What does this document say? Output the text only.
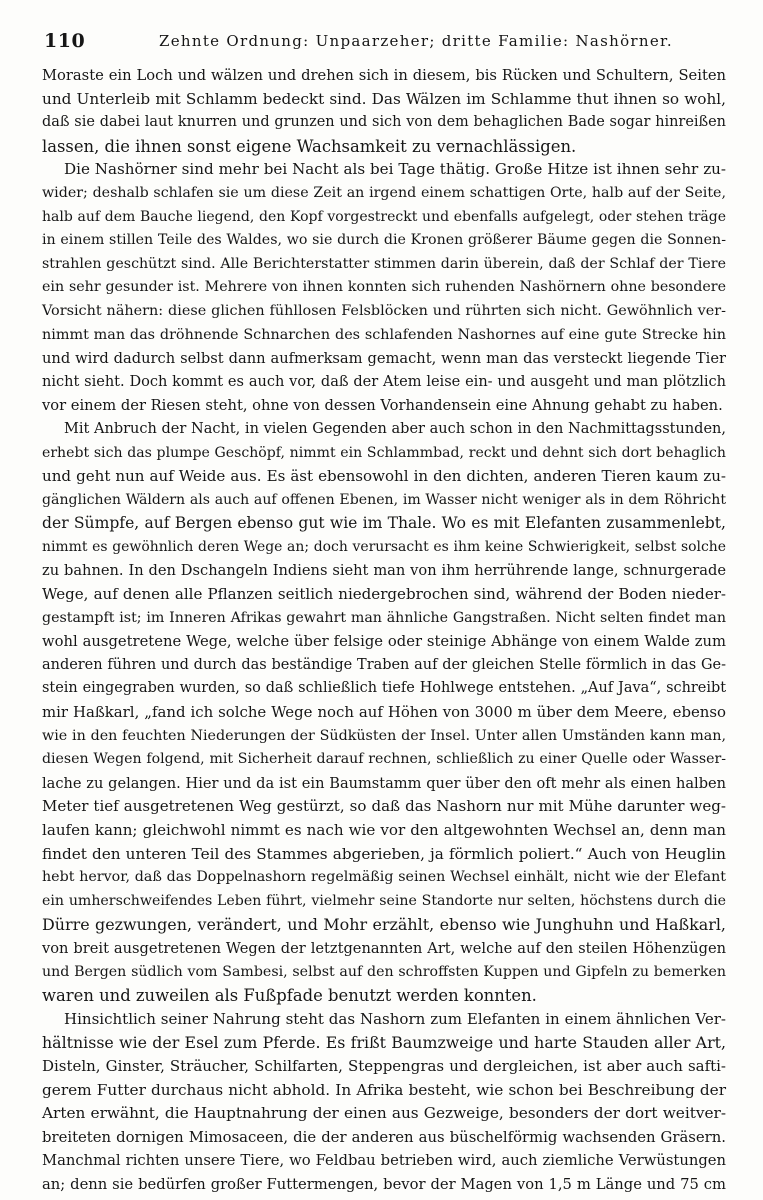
110	Zehnte Ordnung: Unpaarzeher; dritte Familie: Nashörner.
Moraste ein Loch und wälzen und drehen sich in diesem, bis Rücken und Schultern, Seiten
und Unterleib mit Schlamm bedeckt sind. Das Wälzen im Schlamme thut ihnen so wohl,
daß sie dabei laut knurren und grunzen und sich von dem behaglichen Bade sogar hinreißen
lassen, die ihnen sonst eigene Wachsamkeit zu vernachlässigen.
Die Nashörner sind mehr bei Nacht als bei Tage thätig. Große Hitze ist ihnen sehr zu-
wider; deshalb schlafen sie um diese Zeit an irgend einem schattigen Orte, halb auf der Seite,
halb auf dem Bauche liegend, den Kopf vorgestreckt und ebenfalls aufgelegt, oder stehen träge
in einem stillen Teile des Waldes, wo sie durch die Kronen größerer Bäume gegen die Sonnen-
strahlen geschützt sind. Alle Berichterstatter stimmen darin überein, daß der Schlaf der Tiere
ein sehr gesunder ist. Mehrere von ihnen konnten sich ruhenden Nashörnern ohne besondere
Vorsicht nähern: diese glichen fühllosen Felsblöcken und rührten sich nicht. Gewöhnlich ver-
nimmt man das dröhnende Schnarchen des schlafenden Nashornes auf eine gute Strecke hin
und wird dadurch selbst dann aufmerksam gemacht, wenn man das versteckt liegende Tier
nicht sieht. Doch kommt es auch vor, daß der Atem leise ein- und ausgeht und man plötzlich
vor einem der Riesen steht, ohne von dessen Vorhandensein eine Ahnung gehabt zu haben.
Mit Anbruch der Nacht, in vielen Gegenden aber auch schon in den Nachmittagsstunden,
erhebt sich das plumpe Geschöpf, nimmt ein Schlammbad, reckt und dehnt sich dort behaglich
und geht nun auf Weide aus. Es äst ebensowohl in den dichten, anderen Tieren kaum zu-
gänglichen Wäldern als auch auf offenen Ebenen, im Wasser nicht weniger als in dem Röhricht
der Sümpfe, auf Bergen ebenso gut wie im Thale. Wo es mit Elefanten zusammenlebt,
nimmt es gewöhnlich deren Wege an; doch verursacht es ihm keine Schwierigkeit, selbst solche
zu bahnen. In den Dschangeln Indiens sieht man von ihm herrührende lange, schnurgerade
Wege, auf denen alle Pflanzen seitlich niedergebrochen sind, während der Boden nieder-
gestampft ist; im Inneren Afrikas gewahrt man ähnliche Gangstraßen. Nicht selten findet man
wohl ausgetretene Wege, welche über felsige oder steinige Abhänge von einem Walde zum
anderen führen und durch das beständige Traben auf der gleichen Stelle förmlich in das Ge-
stein eingegraben wurden, so daß schließlich tiefe Hohlwege entstehen. „Auf Java“, schreibt
mir Haßkarl, „fand ich solche Wege noch auf Höhen von 3000 m über dem Meere, ebenso
wie in den feuchten Niederungen der Südküsten der Insel. Unter allen Umständen kann man,
diesen Wegen folgend, mit Sicherheit darauf rechnen, schließlich zu einer Quelle oder Wasser-
lache zu gelangen. Hier und da ist ein Baumstamm quer über den oft mehr als einen halben
Meter tief ausgetretenen Weg gestürzt, so daß das Nashorn nur mit Mühe darunter weg-
laufen kann; gleichwohl nimmt es nach wie vor den altgewohnten Wechsel an, denn man
findet den unteren Teil des Stammes abgerieben, ja förmlich poliert.“ Auch von Heuglin
hebt hervor, daß das Doppelnashorn regelmäßig seinen Wechsel einhält, nicht wie der Elefant
ein umherschweifendes Leben führt, vielmehr seine Standorte nur selten, höchstens durch die
Dürre gezwungen, verändert, und Mohr erzählt, ebenso wie Junghuhn und Haßkarl,
von breit ausgetretenen Wegen der letztgenannten Art, welche auf den steilen Höhenzügen
und Bergen südlich vom Sambesi, selbst auf den schroffsten Kuppen und Gipfeln zu bemerken
waren und zuweilen als Fußpfade benutzt werden konnten.
Hinsichtlich seiner Nahrung steht das Nashorn zum Elefanten in einem ähnlichen Ver-
hältnisse wie der Esel zum Pferde. Es frißt Baumzweige und harte Stauden aller Art,
Disteln, Ginster, Sträucher, Schilfarten, Steppengras und dergleichen, ist aber auch safti-
gerem Futter durchaus nicht abhold. In Afrika besteht, wie schon bei Beschreibung der
Arten erwähnt, die Hauptnahrung der einen aus Gezweige, besonders der dort weitver-
breiteten dornigen Mimosaceen, die der anderen aus büschelförmig wachsenden Gräsern.
Manchmal richten unsere Tiere, wo Feldbau betrieben wird, auch ziemliche Verwüstungen
an; denn sie bedürfen großer Futtermengen, bevor der Magen von 1,5 m Länge und 75 cm
